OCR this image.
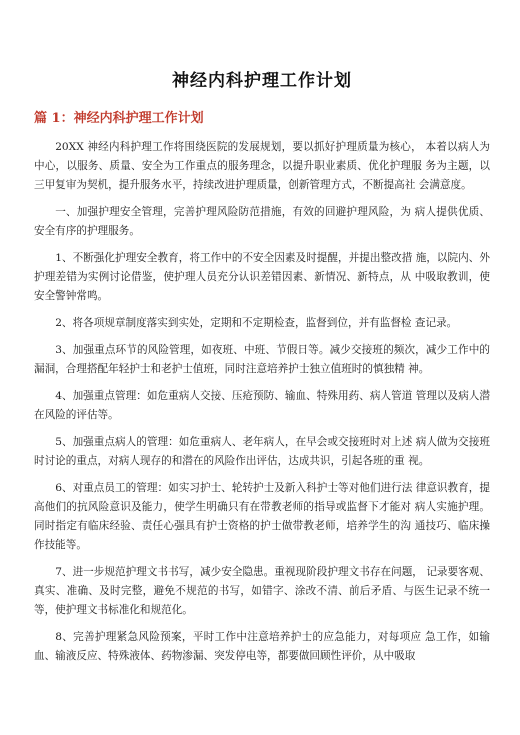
神经内科护理工作计划
篇 1：神经内科护理工作计划

20XX 神经内科护理工作将围绕医院的发展规划，要以抓好护理质量为核心， 本着以病人为中心，以服务、质量、安全为工作重点的服务理念，以提升职业素质、优化护理服 务为主题，以三甲复审为契机，提升服务水平，持续改进护理质量，创新管理方式，不断提高社 会满意度。

一、加强护理安全管理，完善护理风险防范措施，有效的回避护理风险，为 病人提供优质、安全有序的护理服务。

1、不断强化护理安全教育，将工作中的不安全因素及时提醒，并提出整改措 施，以院内、外护理差错为实例讨论借鉴，使护理人员充分认识差错因素、新情况、新特点，从 中吸取教训，使安全警钟常鸣。

2、将各项规章制度落实到实处，定期和不定期检查，监督到位，并有监督检 查记录。

3、加强重点环节的风险管理，如夜班、中班、节假日等。减少交接班的频次，减少工作中的漏洞，合理搭配年轻护士和老护士值班，同时注意培养护士独立值班时的慎独精 神。

4、加强重点管理：如危重病人交接、压疮预防、输血、特殊用药、病人管道 管理以及病人潜在风险的评估等。

5、加强重点病人的管理：如危重病人、老年病人，在早会或交接班时对上述 病人做为交接班时讨论的重点，对病人现存的和潜在的风险作出评估，达成共识，引起各班的重 视。

6、对重点员工的管理：如实习护士、轮转护士及新入科护士等对他们进行法 律意识教育，提高他们的抗风险意识及能力，使学生明确只有在带教老师的指导或监督下才能对 病人实施护理。同时指定有临床经验、责任心强具有护士资格的护士做带教老师，培养学生的沟 通技巧、临床操作技能等。

7、进一步规范护理文书书写，减少安全隐患。重视现阶段护理文书存在问题， 记录要客观、真实、准确、及时完整，避免不规范的书写，如错字、涂改不清、前后矛盾、与医生记录不统一等，使护理文书标准化和规范化。

8、完善护理紧急风险预案，平时工作中注意培养护士的应急能力，对每项应 急工作，如输血、输液反应、特殊液体、药物渗漏、突发停电等，都要做回顾性评价，从中吸取
